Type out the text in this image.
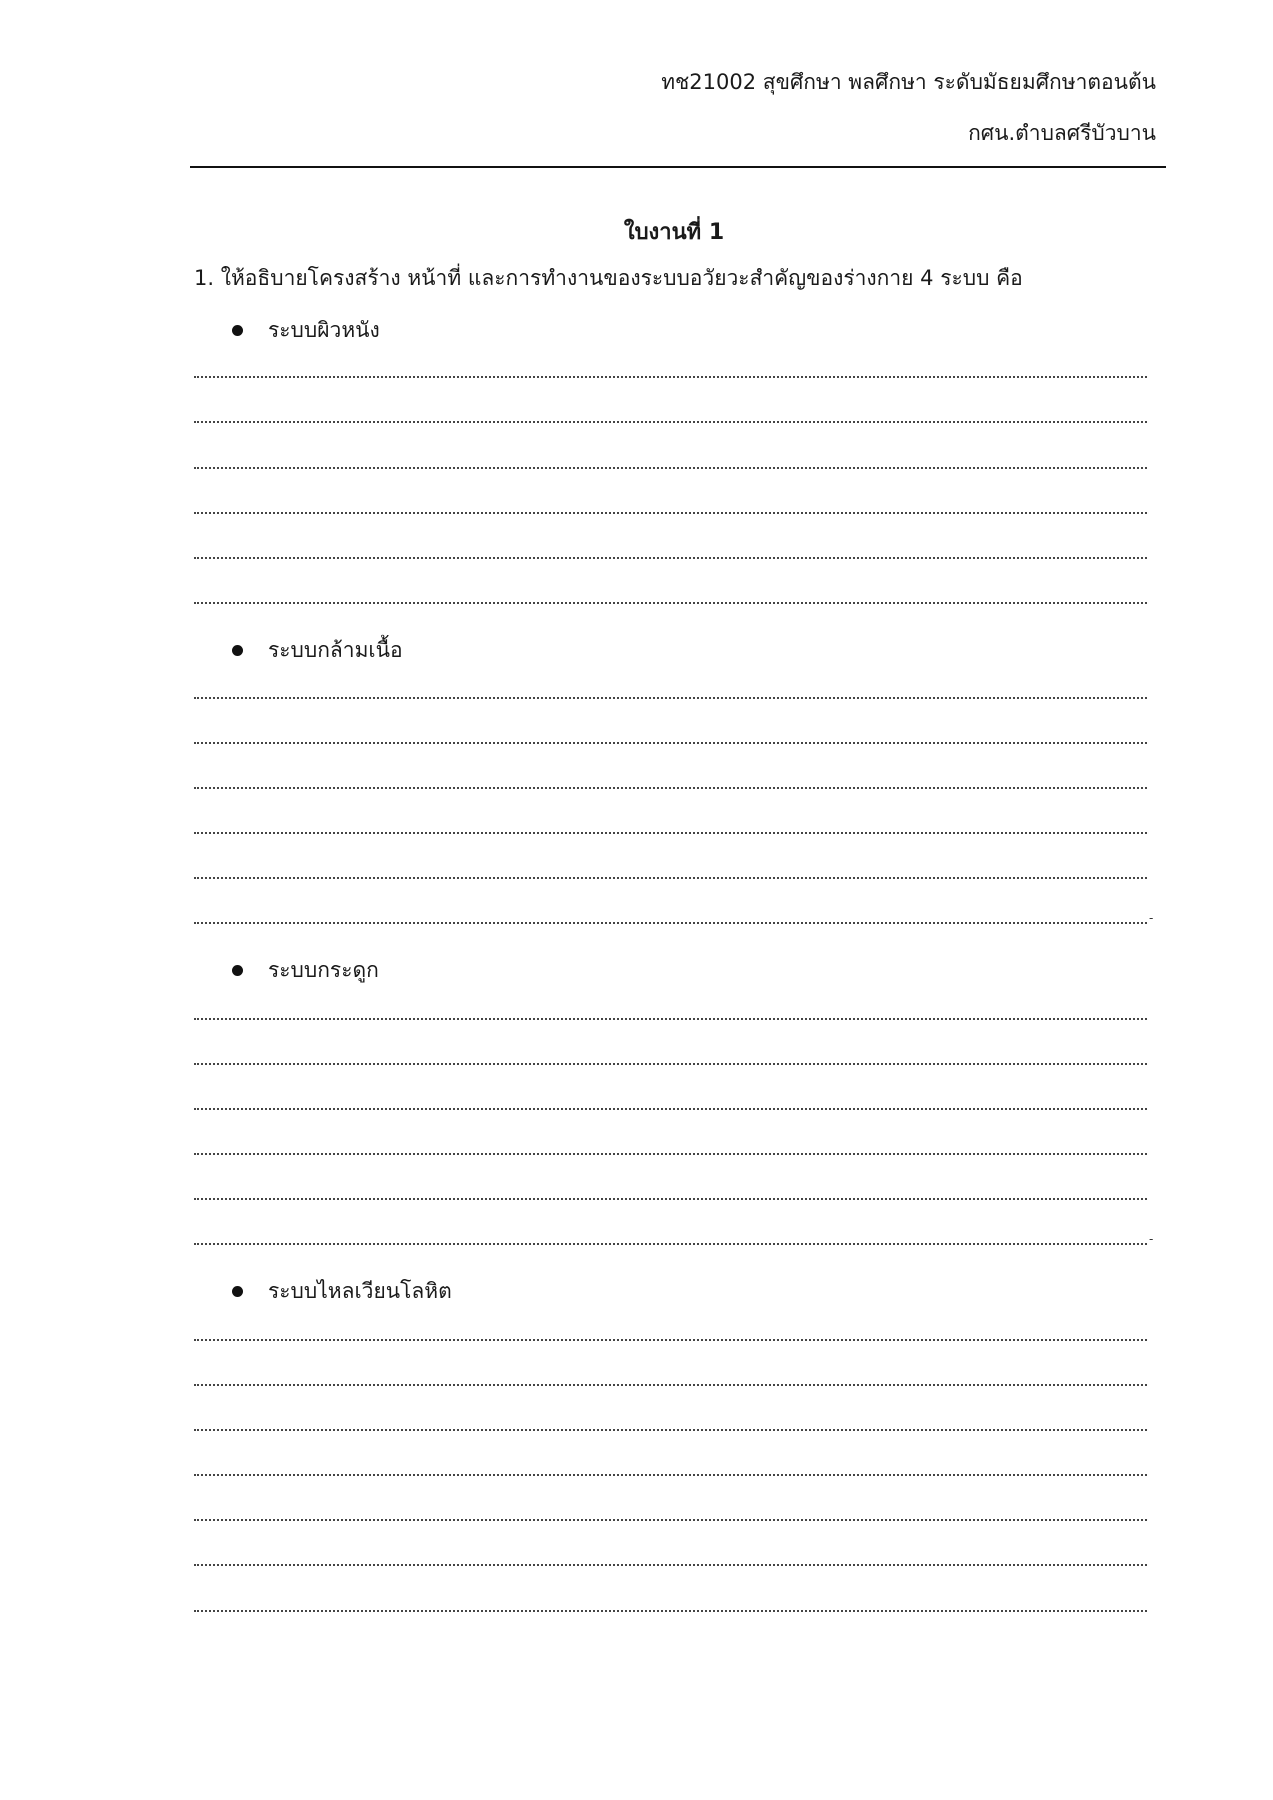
ทช21002 สุขศึกษา พลศึกษา ระดับมัธยมศึกษาตอนต้น
กศน.ตำบลศรีบัวบาน
ใบงานที่ 1
1. ให้อธิบายโครงสร้าง หน้าที่ และการทำงานของระบบอวัยวะสำคัญของร่างกาย 4 ระบบ คือ
ระบบผิวหนัง
ระบบกล้ามเนื้อ
-
ระบบกระดูก
-
ระบบไหลเวียนโลหิต
